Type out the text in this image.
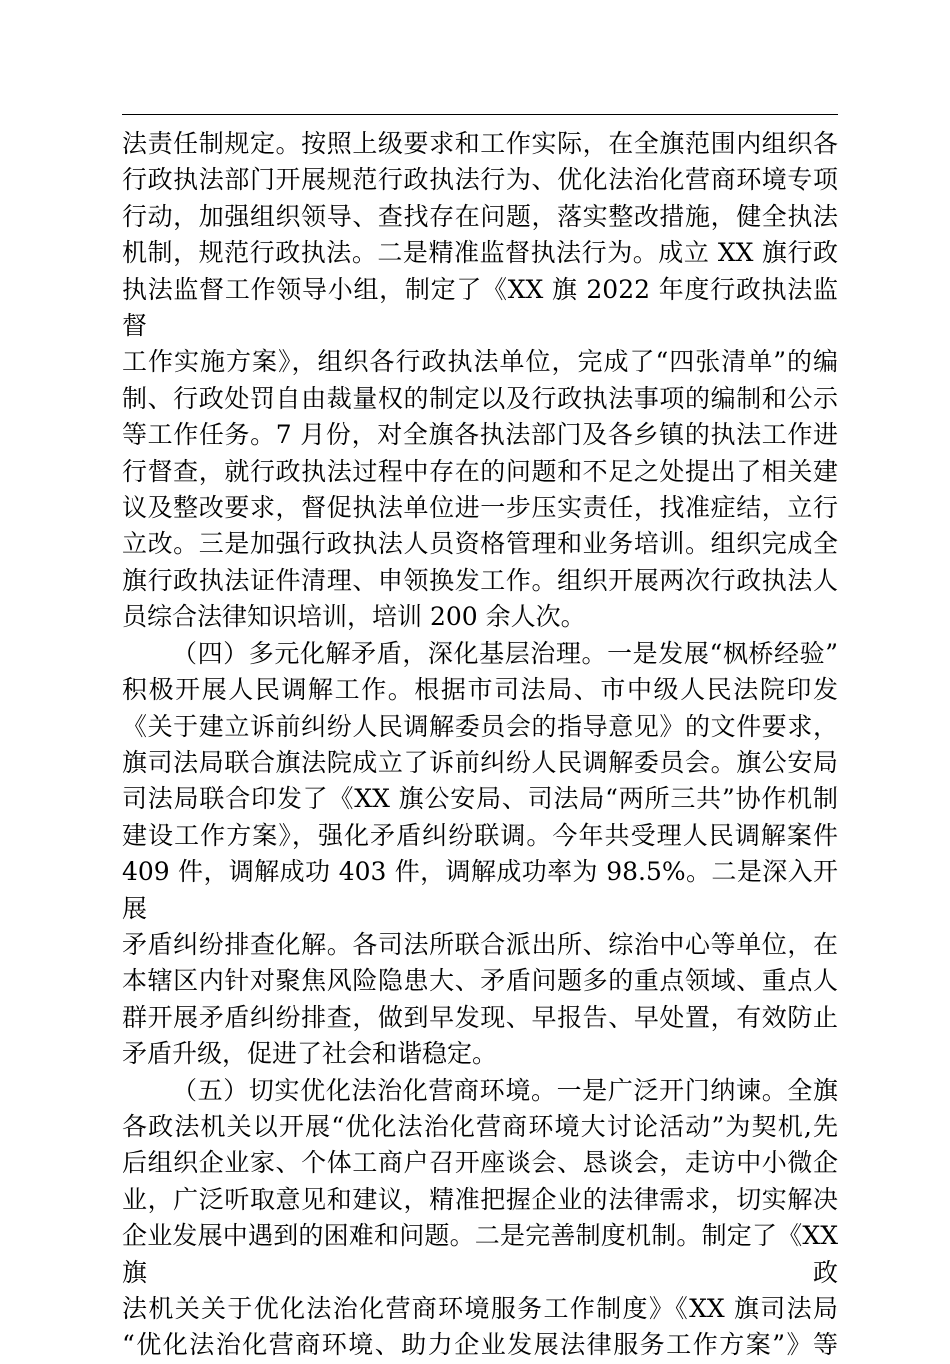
法责任制规定。按照上级要求和工作实际，在全旗范围内组织各

行政执法部门开展规范行政执法行为、优化法治化营商环境专项

行动，加强组织领导、查找存在问题，落实整改措施，健全执法

机制，规范行政执法。二是精准监督执法行为。成立 XX 旗行政

执法监督工作领导小组，制定了《XX 旗 2022 年度行政执法监督

工作实施方案》，组织各行政执法单位，完成了“四张清单”的编

制、行政处罚自由裁量权的制定以及行政执法事项的编制和公示

等工作任务。7 月份，对全旗各执法部门及各乡镇的执法工作进

行督查，就行政执法过程中存在的问题和不足之处提出了相关建

议及整改要求，督促执法单位进一步压实责任，找准症结，立行

立改。三是加强行政执法人员资格管理和业务培训。组织完成全

旗行政执法证件清理、申领换发工作。组织开展两次行政执法人

员综合法律知识培训，培训 200 余人次。

（四）多元化解矛盾，深化基层治理。一是发展“枫桥经验”

积极开展人民调解工作。根据市司法局、市中级人民法院印发

《关于建立诉前纠纷人民调解委员会的指导意见》的文件要求，

旗司法局联合旗法院成立了诉前纠纷人民调解委员会。旗公安局

司法局联合印发了《XX 旗公安局、司法局“两所三共”协作机制

建设工作方案》，强化矛盾纠纷联调。今年共受理人民调解案件

409 件，调解成功 403 件，调解成功率为 98.5%。二是深入开展

矛盾纠纷排查化解。各司法所联合派出所、综治中心等单位，在

本辖区内针对聚焦风险隐患大、矛盾问题多的重点领域、重点人

群开展矛盾纠纷排查，做到早发现、早报告、早处置，有效防止

矛盾升级，促进了社会和谐稳定。

（五）切实优化法治化营商环境。一是广泛开门纳谏。全旗

各政法机关以开展“优化法治化营商环境大讨论活动”为契机,先

后组织企业家、个体工商户召开座谈会、恳谈会，走访中小微企

业，广泛听取意见和建议，精准把握企业的法律需求，切实解决

企业发展中遇到的困难和问题。二是完善制度机制。制定了《XX 旗政

法机关关于优化法治化营商环境服务工作制度》《XX 旗司法局

“优化法治化营商环境、助力企业发展法律服务工作方案”》等
